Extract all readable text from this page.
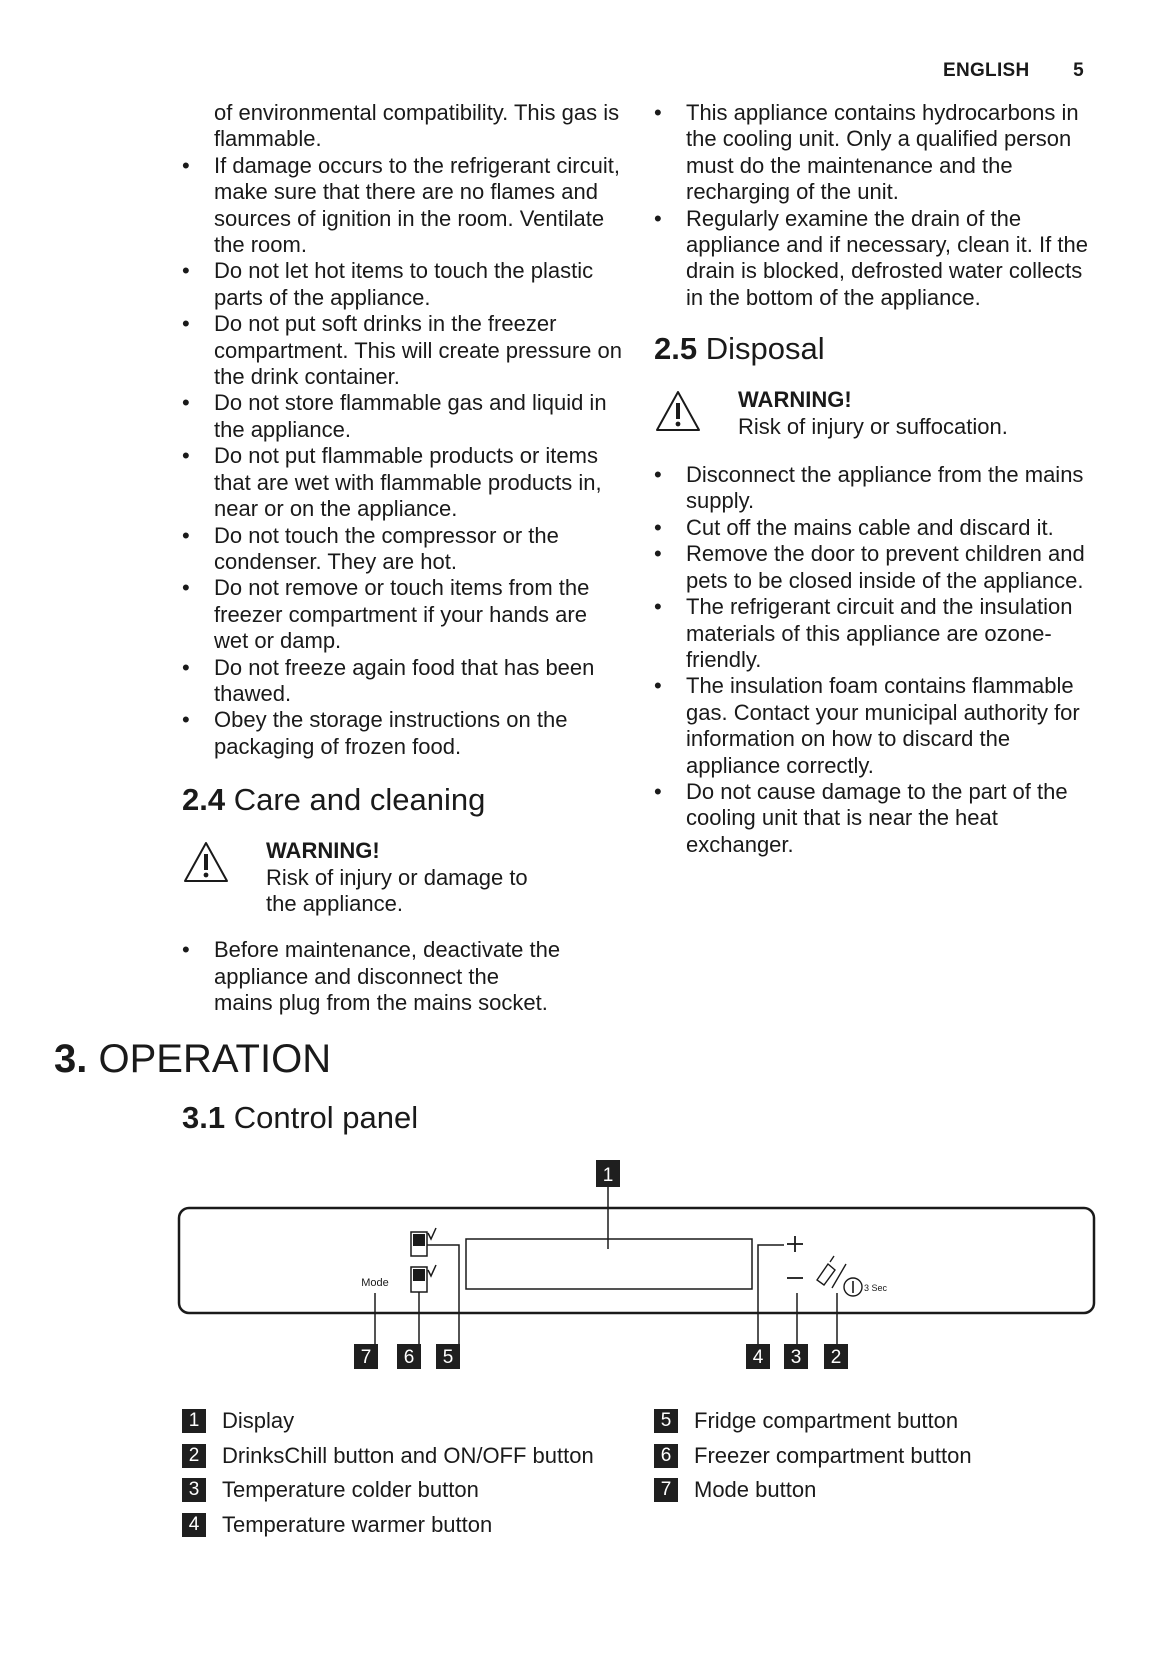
ENGLISH 5
of environmental compatibility. This gas is flammable.
• If damage occurs to the refrigerant circuit, make sure that there are no flames and sources of ignition in the room. Ventilate the room.
• Do not let hot items to touch the plastic parts of the appliance.
• Do not put soft drinks in the freezer compartment. This will create pressure on the drink container.
• Do not store flammable gas and liquid in the appliance.
• Do not put flammable products or items that are wet with flammable products in, near or on the appliance.
• Do not touch the compressor or the condenser. They are hot.
• Do not remove or touch items from the freezer compartment if your hands are wet or damp.
• Do not freeze again food that has been thawed.
• Obey the storage instructions on the packaging of frozen food.
2.4 Care and cleaning
WARNING!
Risk of injury or damage to the appliance.
• Before maintenance, deactivate the appliance and disconnect the mains plug from the mains socket.
• This appliance contains hydrocarbons in the cooling unit. Only a qualified person must do the maintenance and the recharging of the unit.
• Regularly examine the drain of the appliance and if necessary, clean it. If the drain is blocked, defrosted water collects in the bottom of the appliance.
2.5 Disposal
WARNING!
Risk of injury or suffocation.
• Disconnect the appliance from the mains supply.
• Cut off the mains cable and discard it.
• Remove the door to prevent children and pets to be closed inside of the appliance.
• The refrigerant circuit and the insulation materials of this appliance are ozone-friendly.
• The insulation foam contains flammable gas. Contact your municipal authority for information on how to discard the appliance correctly.
• Do not cause damage to the part of the cooling unit that is near the heat exchanger.
3. OPERATION
3.1 Control panel
1
Mode	3 Sec
7 6 5	4 3 2
1	Display
2	DrinksChill button and ON/OFF button
3	Temperature colder button
4	Temperature warmer button
5	Fridge compartment button
6	Freezer compartment button
7	Mode button
